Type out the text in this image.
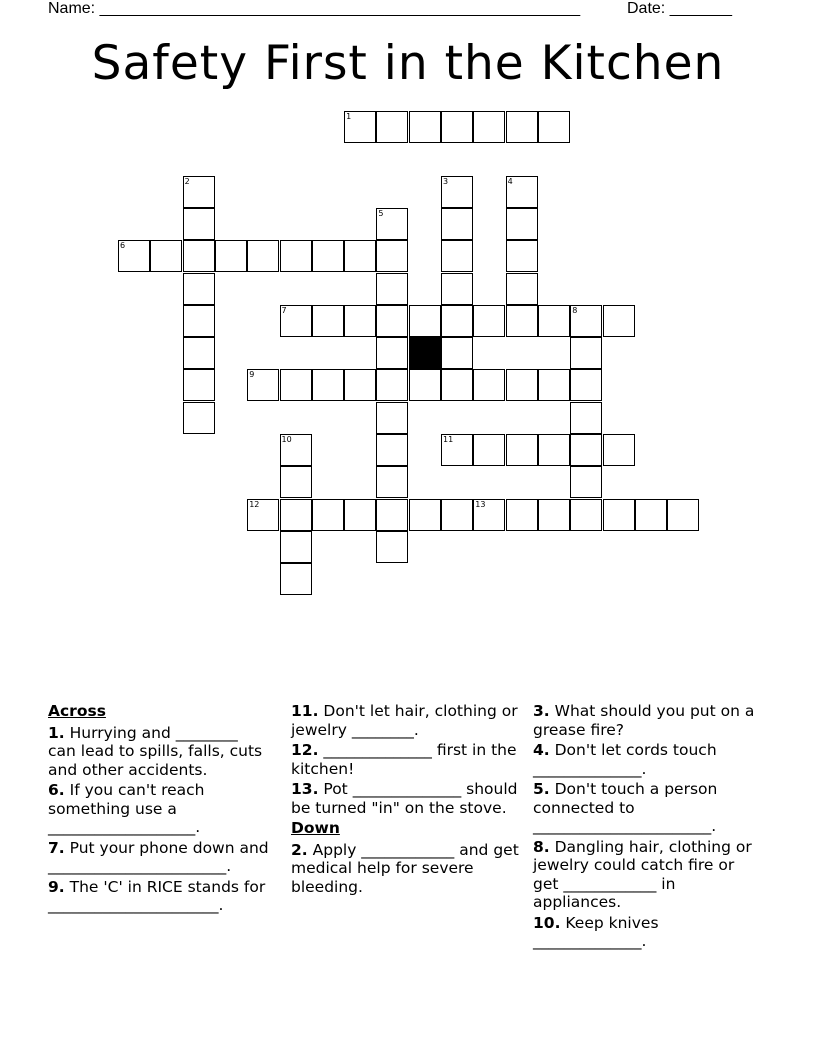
Name: ______________________________________________________	Date: _______
Safety First in the Kitchen
1
2	3	4
5
6
7	8
9
10	11
12	13
Across
1. Hurrying and ________ can lead to spills, falls, cuts and other accidents.
6. If you can't reach something use a ___________________.
7. Put your phone down and _______________________.
9. The 'C' in RICE stands for ______________________.
11. Don't let hair, clothing or jewelry ________.
12. ______________ first in the kitchen!
13. Pot ______________ should be turned "in" on the stove.
Down
2. Apply ____________ and get medical help for severe bleeding.
3. What should you put on a grease fire?
4. Don't let cords touch ______________.
5. Don't touch a person connected to _______________________.
8. Dangling hair, clothing or jewelry could catch fire or get ____________ in appliances.
10. Keep knives ______________.
